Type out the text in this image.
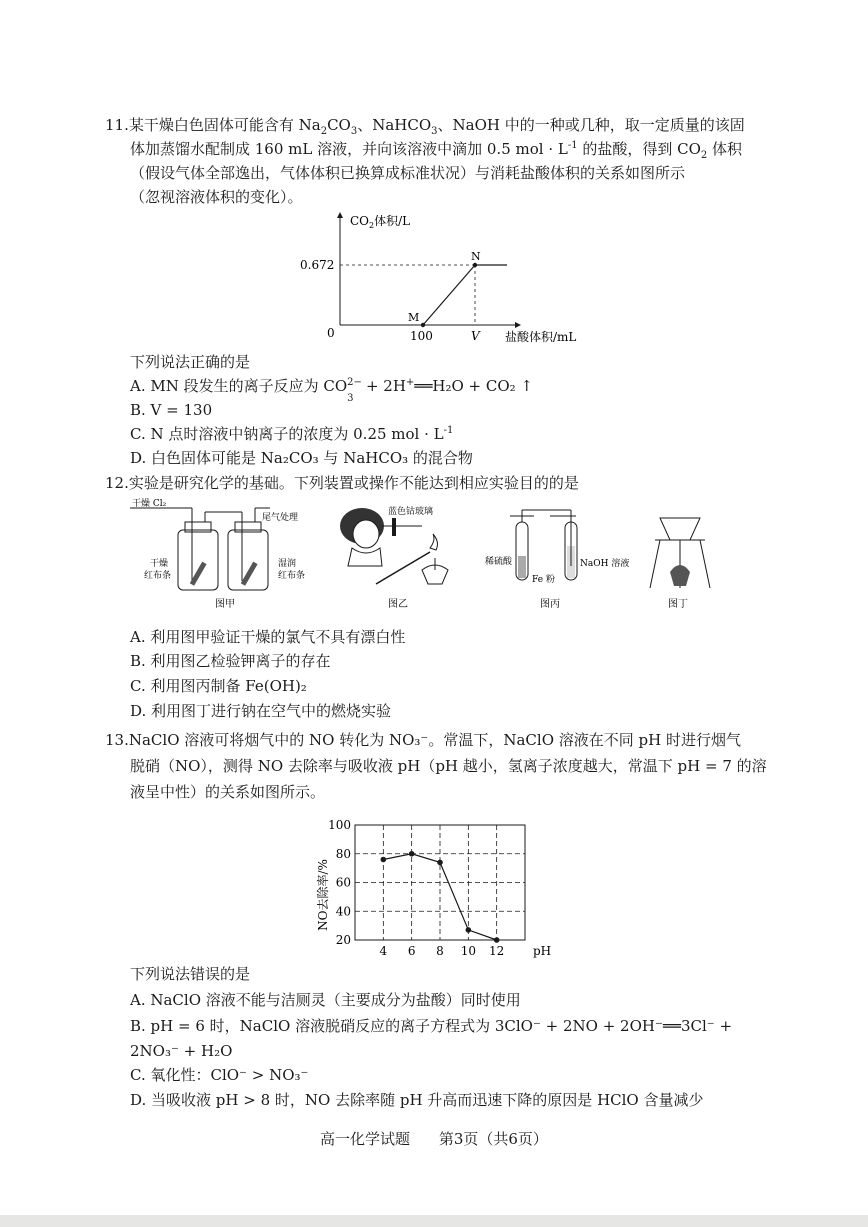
11.某干燥白色固体可能含有 $Na_2CO_3$、NaHCO$_3$、NaOH 中的一种或几种，取一定质量的该固
体加蒸馏水配制成 160 mL 溶液，并向该溶液中滴加 0.5 mol · $L^{-1}$ 的盐酸，得到 $CO_2$ 体积
（假设气体全部逸出，气体体积已换算成标准状况）与消耗盐酸体积的关系如图所示
（忽视溶液体积的变化）。
$CO_2$体积/L
0.672
0	100	V 盐酸体积/mL
M
N
下列说法正确的是
A. MN 段发生的离子反应为 CO 2−
3
+ 2H+══H₂O + CO₂ ↑
B. V = 130
C. N 点时溶液中钠离子的浓度为 0.25 mol · $L^{-1}$
D. 白色固体可能是 Na₂CO₃ 与 NaHCO₃ 的混合物
12.实验是研究化学的基础。下列装置或操作不能达到相应实验目的的是
干燥 Cl₂
尾气处理
干燥
红布条
湿润
红布条
图甲
蓝色钴玻璃
图乙
稀硫酸
Fe 粉
NaOH 溶液
图丙	图丁
A. 利用图甲验证干燥的氯气不具有漂白性
B. 利用图乙检验钾离子的存在
C. 利用图丙制备 Fe(OH)₂
D. 利用图丁进行钠在空气中的燃烧实验
13.NaClO 溶液可将烟气中的 NO 转化为 NO₃⁻。常温下，NaClO 溶液在不同 pH 时进行烟气
脱硝（NO），测得 NO 去除率与吸收液 pH（pH 越小，氢离子浓度越大，常温下 pH = 7 的溶
液呈中性）的关系如图所示。
20
40
60
80
100
4 6 8 10 12
NO去除率/%
pH
下列说法错误的是
A. NaClO 溶液不能与洁厕灵（主要成分为盐酸）同时使用
B. pH = 6 时，NaClO 溶液脱硝反应的离子方程式为 3ClO⁻ + 2NO + 2OH⁻══3Cl⁻ +
2NO₃⁻ + H₂O
C. 氧化性：ClO⁻ > NO₃⁻
D. 当吸收液 pH > 8 时，NO 去除率随 pH 升高而迅速下降的原因是 HClO 含量减少
高一化学试题 第3页（共6页）
